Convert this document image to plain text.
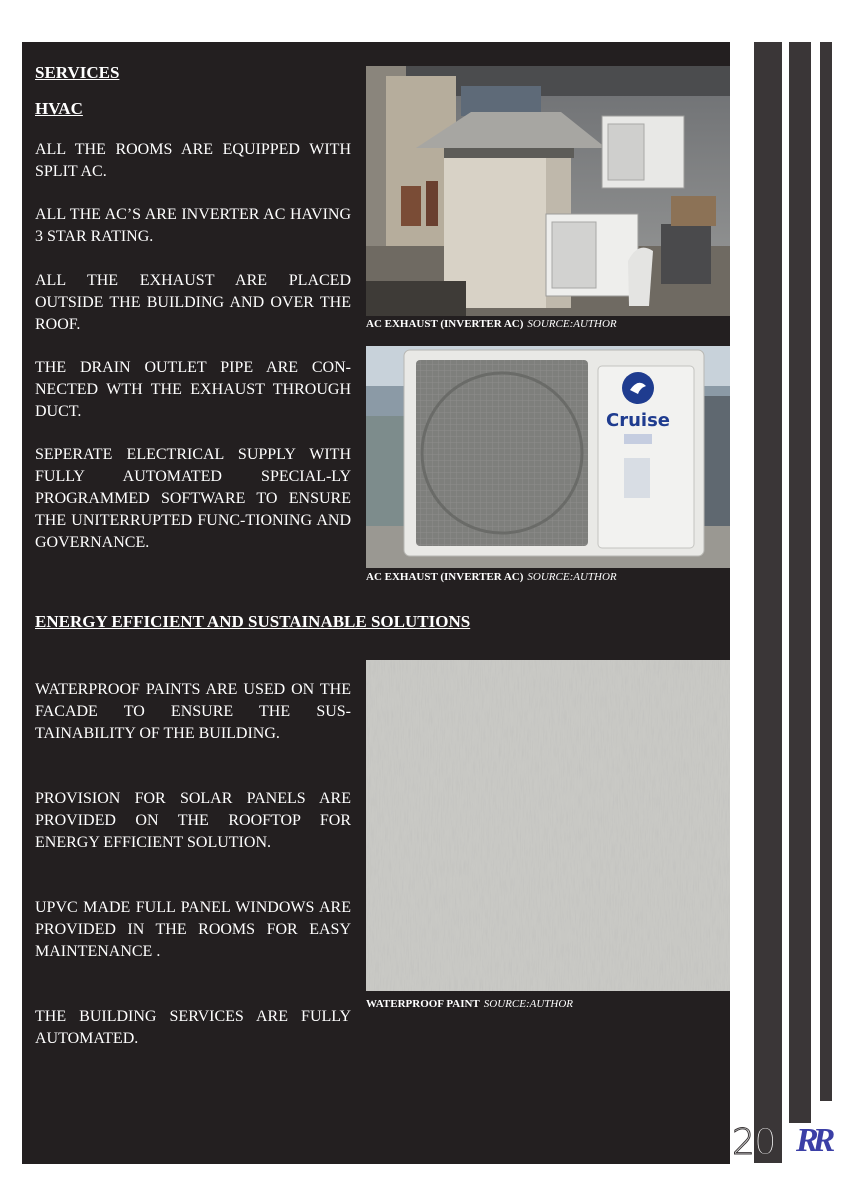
SERVICES
HVAC

ALL THE ROOMS ARE EQUIPPED WITH SPLIT AC.

ALL THE AC’S ARE INVERTER AC HAVING 3 STAR RATING.

ALL THE EXHAUST ARE PLACED OUTSIDE THE BUILDING AND OVER THE ROOF.

THE DRAIN OUTLET PIPE ARE CON-NECTED WTH THE EXHAUST THROUGH DUCT.

SEPERATE ELECTRICAL SUPPLY WITH FULLY AUTOMATED SPECIAL-LY PROGRAMMED SOFTWARE TO ENSURE THE UNITERRUPTED FUNC-TIONING AND GOVERNANCE.

AC EXHAUST (INVERTER AC) SOURCE:AUTHOR
Cruise
AC EXHAUST (INVERTER AC) SOURCE:AUTHOR
ENERGY EFFICIENT AND SUSTAINABLE SOLUTIONS

WATERPROOF PAINTS ARE USED ON THE FACADE TO ENSURE THE SUS-TAINABILITY OF THE BUILDING.

PROVISION FOR SOLAR PANELS ARE PROVIDED ON THE ROOFTOP FOR ENERGY EFFICIENT SOLUTION.

UPVC MADE FULL PANEL WINDOWS ARE PROVIDED IN THE ROOMS FOR EASY MAINTENANCE .

THE BUILDING SERVICES ARE FULLY AUTOMATED.

WATERPROOF PAINT SOURCE:AUTHOR
20 RR
